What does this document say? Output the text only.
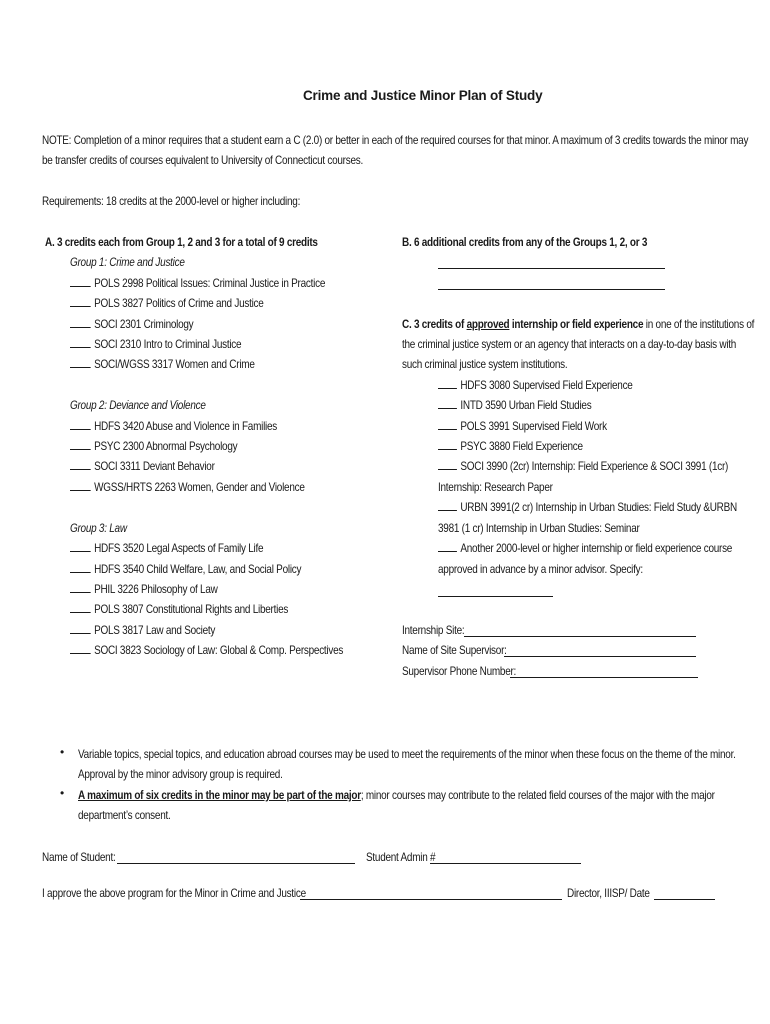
Crime and Justice Minor Plan of Study
NOTE: Completion of a minor requires that a student earn a C (2.0) or better in each of the required courses for that minor. A maximum of 3 credits towards the minor may
be transfer credits of courses equivalent to University of Connecticut courses.
Requirements: 18 credits at the 2000-level or higher including:
A. 3 credits each from Group 1, 2 and 3 for a total of 9 credits
Group 1: Crime and Justice
POLS 2998 Political Issues: Criminal Justice in Practice
POLS 3827 Politics of Crime and Justice
SOCI 2301 Criminology
SOCI 2310 Intro to Criminal Justice
SOCI/WGSS 3317 Women and Crime
Group 2: Deviance and Violence
HDFS 3420 Abuse and Violence in Families
PSYC 2300 Abnormal Psychology
SOCI 3311 Deviant Behavior
WGSS/HRTS 2263 Women, Gender and Violence
Group 3: Law
HDFS 3520 Legal Aspects of Family Life
HDFS 3540 Child Welfare, Law, and Social Policy
PHIL 3226 Philosophy of Law
POLS 3807 Constitutional Rights and Liberties
POLS 3817 Law and Society
SOCI 3823 Sociology of Law: Global & Comp. Perspectives
B. 6 additional credits from any of the Groups 1, 2, or 3
C. 3 credits of approved internship or field experience in one of the institutions of
the criminal justice system or an agency that interacts on a day-to-day basis with
such criminal justice system institutions.
HDFS 3080 Supervised Field Experience
INTD 3590 Urban Field Studies
POLS 3991 Supervised Field Work
PSYC 3880 Field Experience
SOCI 3990 (2cr) Internship: Field Experience & SOCI 3991 (1cr)
Internship: Research Paper
URBN 3991(2 cr) Internship in Urban Studies: Field Study &URBN
3981 (1 cr) Internship in Urban Studies: Seminar
Another 2000-level or higher internship or field experience course
approved in advance by a minor advisor. Specify:
Internship Site:
Name of Site Supervisor:
Supervisor Phone Number:
• Variable topics, special topics, and education abroad courses may be used to meet the requirements of the minor when these focus on the theme of the minor.
Approval by the minor advisory group is required.
• A maximum of six credits in the minor may be part of the major; minor courses may contribute to the related field courses of the major with the major
department’s consent.
Name of Student:	Student Admin #
I approve the above program for the Minor in Crime and Justice	Director, IIISP/ Date
